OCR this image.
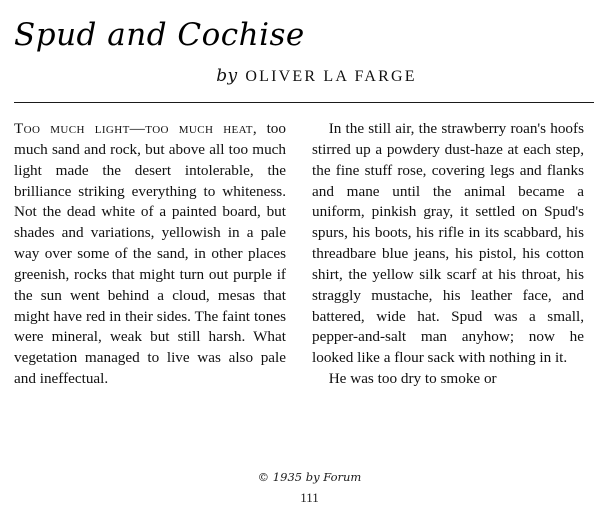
Spud and Cochise
by OLIVER LA FARGE

Too much light—too much heat, too much sand and rock, but above all too much light made the desert intolerable, the brilliance striking everything to whiteness. Not the dead white of a painted board, but shades and variations, yellowish in a pale way over some of the sand, in other places greenish, rocks that might turn out purple if the sun went behind a cloud, mesas that might have red in their sides. The faint tones were mineral, weak but still harsh. What vegetation managed to live was also pale and ineffectual.

In the still air, the strawberry roan's hoofs stirred up a powdery dust-haze at each step, the fine stuff rose, covering legs and flanks and mane until the animal became a uniform, pinkish gray, it settled on Spud's spurs, his boots, his rifle in its scabbard, his threadbare blue jeans, his pistol, his cotton shirt, the yellow silk scarf at his throat, his straggly mustache, his leather face, and battered, wide hat. Spud was a small, pepper-and-salt man anyhow; now he looked like a flour sack with nothing in it.

He was too dry to smoke or

© 1935 by Forum
111
